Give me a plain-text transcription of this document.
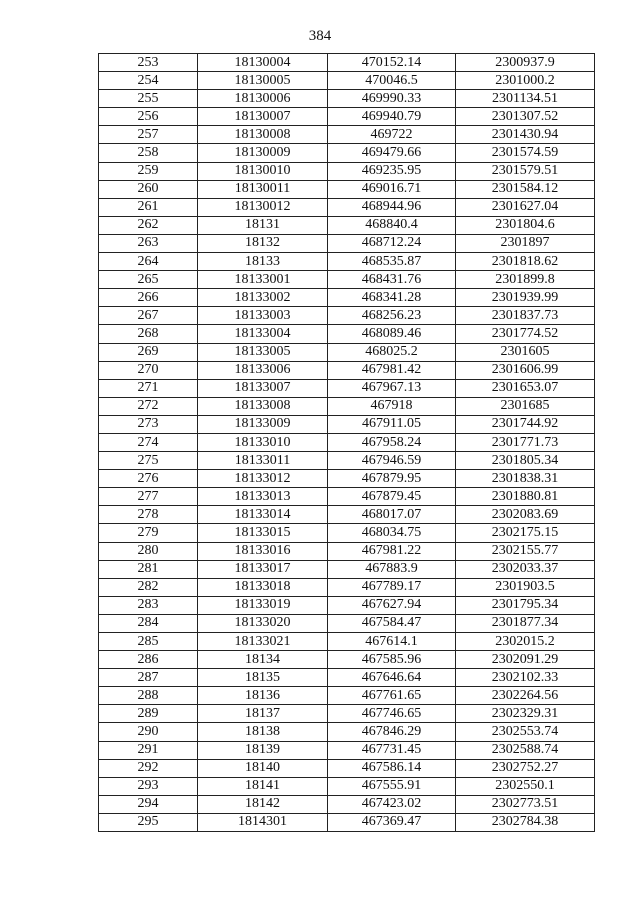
384
253	18130004	470152.14	2300937.9
254	18130005	470046.5	2301000.2
255	18130006	469990.33	2301134.51
256	18130007	469940.79	2301307.52
257	18130008	469722	2301430.94
258	18130009	469479.66	2301574.59
259	18130010	469235.95	2301579.51
260	18130011	469016.71	2301584.12
261	18130012	468944.96	2301627.04
262	18131	468840.4	2301804.6
263	18132	468712.24	2301897
264	18133	468535.87	2301818.62
265	18133001	468431.76	2301899.8
266	18133002	468341.28	2301939.99
267	18133003	468256.23	2301837.73
268	18133004	468089.46	2301774.52
269	18133005	468025.2	2301605
270	18133006	467981.42	2301606.99
271	18133007	467967.13	2301653.07
272	18133008	467918	2301685
273	18133009	467911.05	2301744.92
274	18133010	467958.24	2301771.73
275	18133011	467946.59	2301805.34
276	18133012	467879.95	2301838.31
277	18133013	467879.45	2301880.81
278	18133014	468017.07	2302083.69
279	18133015	468034.75	2302175.15
280	18133016	467981.22	2302155.77
281	18133017	467883.9	2302033.37
282	18133018	467789.17	2301903.5
283	18133019	467627.94	2301795.34
284	18133020	467584.47	2301877.34
285	18133021	467614.1	2302015.2
286	18134	467585.96	2302091.29
287	18135	467646.64	2302102.33
288	18136	467761.65	2302264.56
289	18137	467746.65	2302329.31
290	18138	467846.29	2302553.74
291	18139	467731.45	2302588.74
292	18140	467586.14	2302752.27
293	18141	467555.91	2302550.1
294	18142	467423.02	2302773.51
295	1814301	467369.47	2302784.38
